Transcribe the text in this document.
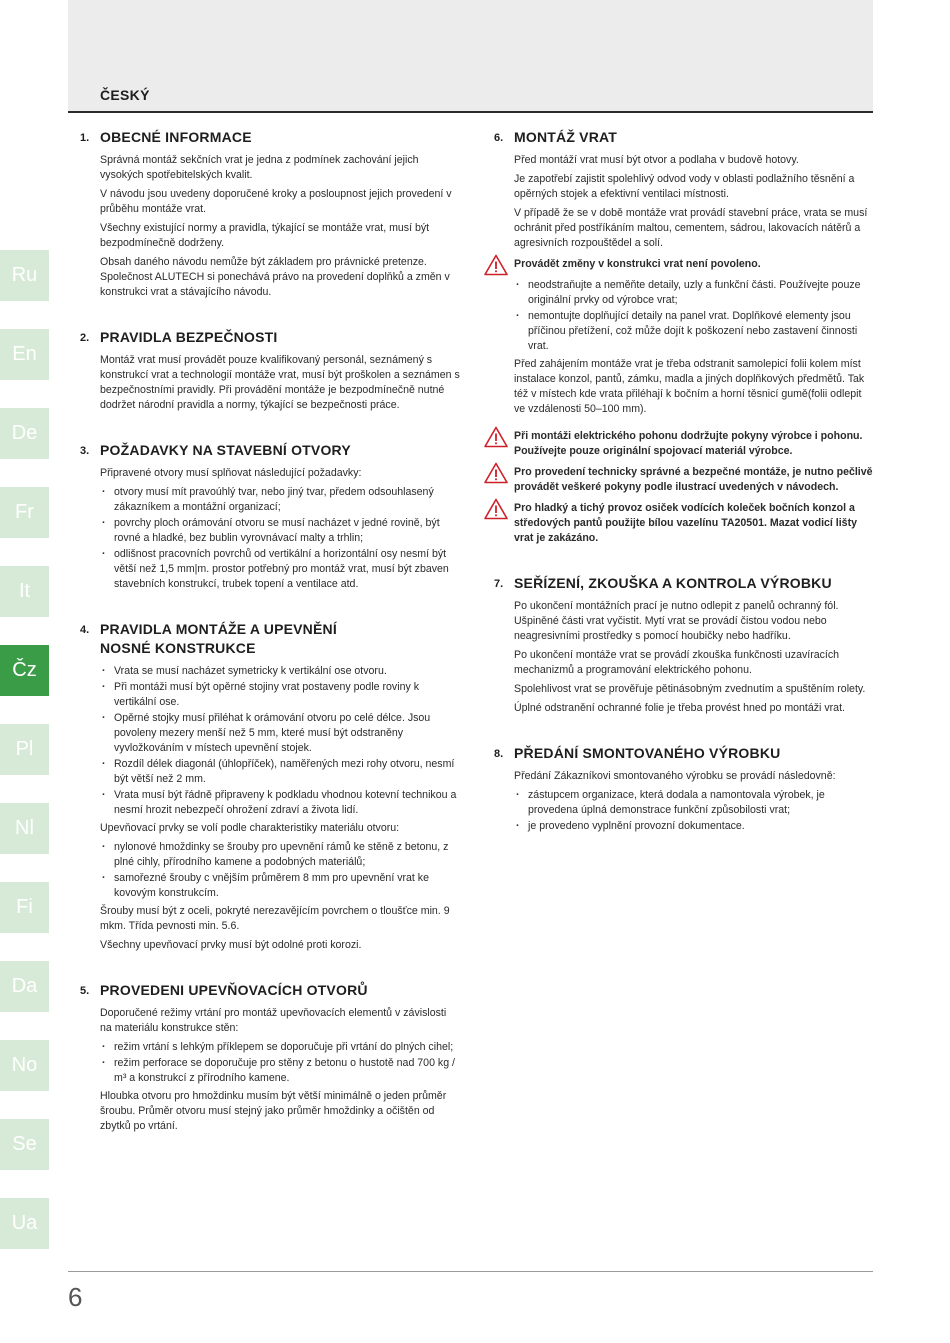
ČESKÝ
Ru
En
De
Fr
It
Čz
Pl
Nl
Fi
Da
No
Se
Ua
1. OBECNÉ INFORMACE

Správná montáž sekčních vrat je jedna z podmínek zachování jejich vysokých spotřebitelských kvalit.

V návodu jsou uvedeny doporučené kroky a posloupnost jejich provedení v průběhu montáže vrat.

Všechny existující normy a pravidla, týkající se montáže vrat, musí být bezpodmínečně dodrženy.

Obsah daného návodu nemůže být základem pro právnické pretenze. Společnost ALUTECH si ponechává právo na provedení doplňků a změn v konstrukci vrat a stávajícího návodu.

2. PRAVIDLA BEZPEČNOSTI

Montáž vrat musí provádět pouze kvalifikovaný personál, seznámený s konstrukcí vrat a technologií montáže vrat, musí být proškolen a seznámen s bezpečnostními pravidly. Při provádění montáže je bezpodmínečně nutné dodržet národní pravidla a normy, týkající se bezpečnosti práce.

3. POŽADAVKY NA STAVEBNÍ OTVORY

Připravené otvory musí splňovat následující požadavky:

· otvory musí mít pravoúhlý tvar, nebo jiný tvar, předem odsouhlasený zákazníkem a montážní organizací;
· povrchy ploch orámování otvoru se musí nacházet v jedné rovině, být rovné a hladké, bez bublin vyrovnávací malty a trhlin;
· odlišnost pracovních povrchů od vertikální a horizontální osy nesmí být větší než 1,5 mm|m. prostor potřebný pro montáž vrat, musí být zbaven stavebních konstrukcí, trubek topení a ventilace atd.
4. PRAVIDLA MONTÁŽE A UPEVNĚNÍ
NOSNÉ KONSTRUKCE
· Vrata se musí nacházet symetricky k vertikální ose otvoru.
· Při montáži musí být opěrné stojiny vrat postaveny podle roviny k vertikální ose.
· Opěrné stojky musí přiléhat k orámování otvoru po celé délce. Jsou povoleny mezery menší než 5 mm, které musí být odstraněny vyvložkováním v místech upevnění stojek.
· Rozdíl délek diagonál (úhlopříček), naměřených mezi rohy otvoru, nesmí být větší než 2 mm.
· Vrata musí být řádně připraveny k podkladu vhodnou kotevní technikou a nesmí hrozit nebezpečí ohrožení zdraví a života lidí.

Upevňovací prvky se volí podle charakteristiky materiálu otvoru:

· nylonové hmoždinky se šrouby pro upevnění rámů ke stěně z betonu, z plné cihly, přírodního kamene a podobných materiálů;
· samořezné šrouby c vnějším průměrem 8 mm pro upevnění vrat ke kovovým konstrukcím.

Šrouby musí být z oceli, pokryté nerezavějícím povrchem o tloušťce min. 9 mkm. Třída pevnosti min. 5.6.

Všechny upevňovací prvky musí být odolné proti korozi.

5. PROVEDENI UPEVŇOVACÍCH OTVORŮ

Doporučené režimy vrtání pro montáž upevňovacích elementů v závislosti na materiálu konstrukce stěn:

· režim vrtání s lehkým příklepem se doporučuje při vrtání do plných cihel;
· režim perforace se doporučuje pro stěny z betonu o hustotě nad 700 kg / m³ a konstrukcí z přírodního kamene.

Hloubka otvoru pro hmoždinku musím být větší minimálně o jeden průměr šroubu. Průměr otvoru musí stejný jako průměr hmoždinky a očištěn od zbytků po vrtání.

6. MONTÁŽ VRAT

Před montáží vrat musí být otvor a podlaha v budově hotovy.

Je zapotřebí zajistit spolehlivý odvod vody v oblasti podlažního těsnění a opěrných stojek a efektivní ventilaci místnosti.

V případě že se v době montáže vrat provádí stavební práce, vrata se musí ochránit před postříkáním maltou, cementem, sádrou, lakovacích nátěrů a agresivních rozpouštědel a solí.

Provádět změny v konstrukci vrat není povoleno.
· neodstraňujte a neměňte detaily, uzly a funkční části. Používejte pouze originální prvky od výrobce vrat;
· nemontujte doplňující detaily na panel vrat. Doplňkové elementy jsou příčinou přetížení, což může dojít k poškození nebo zastavení činnosti vrat.

Před zahájením montáže vrat je třeba odstranit samolepicí folii kolem míst instalace konzol, pantů, zámku, madla a jiných doplňkových předmětů. Tak též v místech kde vrata přiléhají k bočním a horní těsnicí gumě(folii odlepit ve vzdálenosti 50–100 mm).

Při montáži elektrického pohonu dodržujte pokyny výrobce i pohonu. Používejte pouze originální spojovací materiál výrobce.
Pro provedení technicky správné a bezpečné montáže, je nutno pečlivě provádět veškeré pokyny podle ilustrací uvedených v návodech.
Pro hladký a tichý provoz osiček vodících koleček bočních konzol a středových pantů použijte bílou vazelínu TA20501. Mazat vodicí lišty vrat je zakázáno.
7. SEŘÍZENÍ, ZKOUŠKA A KONTROLA VÝROBKU

Po ukončení montážních prací je nutno odlepit z panelů ochranný fól. Ušpiněné části vrat vyčistit. Mytí vrat se provádí čistou vodou nebo neagresivními prostředky s pomocí houbičky nebo hadříku.

Po ukončení montáže vrat se provádí zkouška funkčnosti uzavíracích mechanizmů a programování elektrického pohonu.

Spolehlivost vrat se prověřuje pětinásobným zvednutím a spuštěním rolety.

Úplné odstranění ochranné folie je třeba provést hned po montáži vrat.

8. PŘEDÁNÍ SMONTOVANÉHO VÝROBKU

Předání Zákazníkovi smontovaného výrobku se provádí následovně:

· zástupcem organizace, která dodala a namontovala výrobek, je provedena úplná demonstrace funkční způsobilosti vrat;
· je provedeno vyplnění provozní dokumentace.
6
